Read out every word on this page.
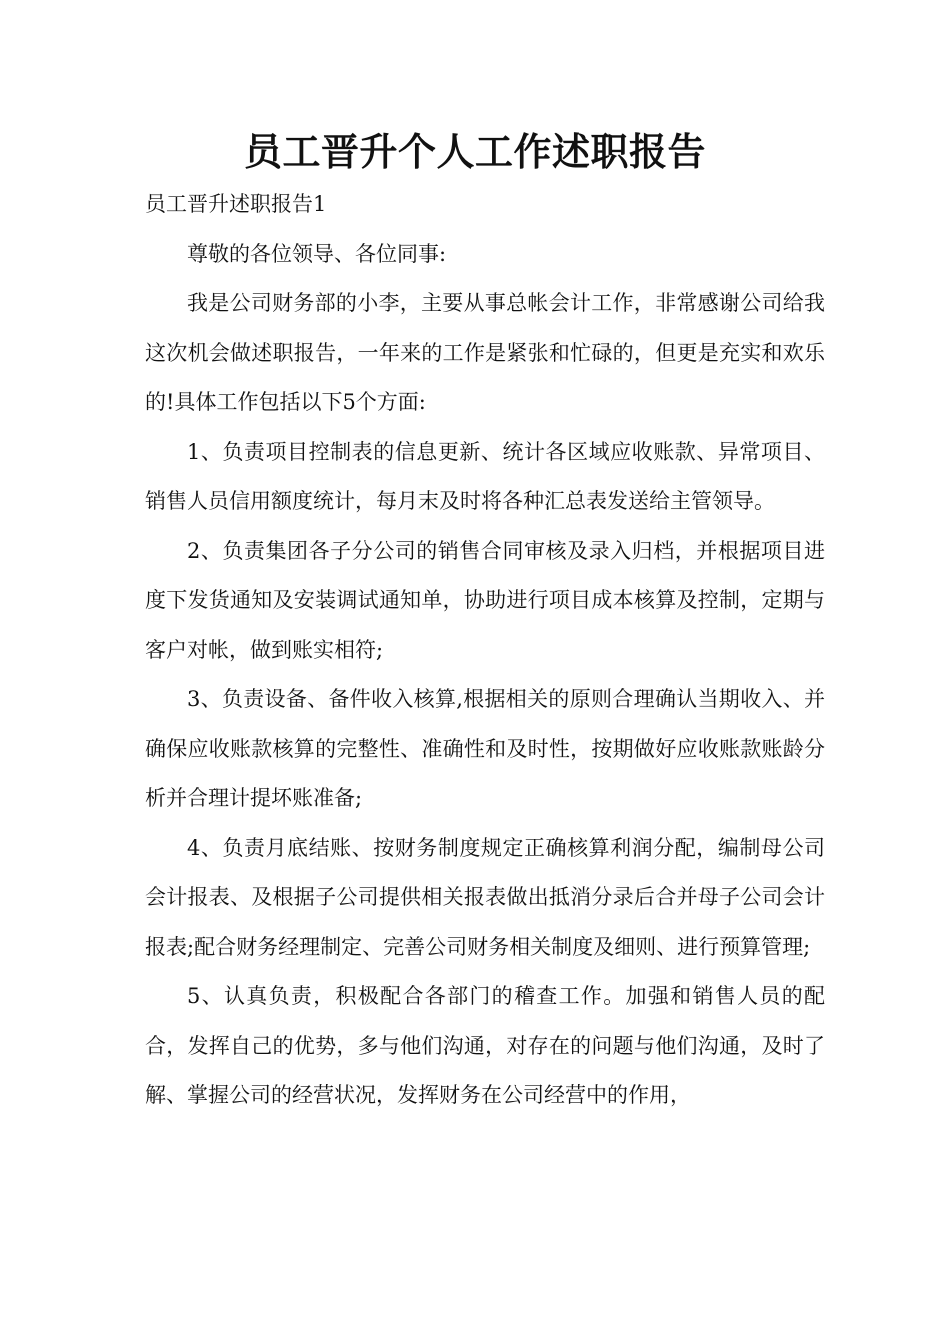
员工晋升个人工作述职报告

员工晋升述职报告1

尊敬的各位领导、各位同事:

我是公司财务部的小李，主要从事总帐会计工作，非常感谢公司给我这次机会做述职报告，一年来的工作是紧张和忙碌的，但更是充实和欢乐的!具体工作包括以下5个方面:

1、负责项目控制表的信息更新、统计各区域应收账款、异常项目、销售人员信用额度统计，每月末及时将各种汇总表发送给主管领导。

2、负责集团各子分公司的销售合同审核及录入归档，并根据项目进度下发货通知及安装调试通知单，协助进行项目成本核算及控制，定期与客户对帐，做到账实相符;

3、负责设备、备件收入核算,根据相关的原则合理确认当期收入、并确保应收账款核算的完整性、准确性和及时性，按期做好应收账款账龄分析并合理计提坏账准备;

4、负责月底结账、按财务制度规定正确核算利润分配，编制母公司会计报表、及根据子公司提供相关报表做出抵消分录后合并母子公司会计报表;配合财务经理制定、完善公司财务相关制度及细则、进行预算管理;

5、认真负责，积极配合各部门的稽查工作。加强和销售人员的配合，发挥自己的优势，多与他们沟通，对存在的问题与他们沟通，及时了解、掌握公司的经营状况，发挥财务在公司经营中的作用，
